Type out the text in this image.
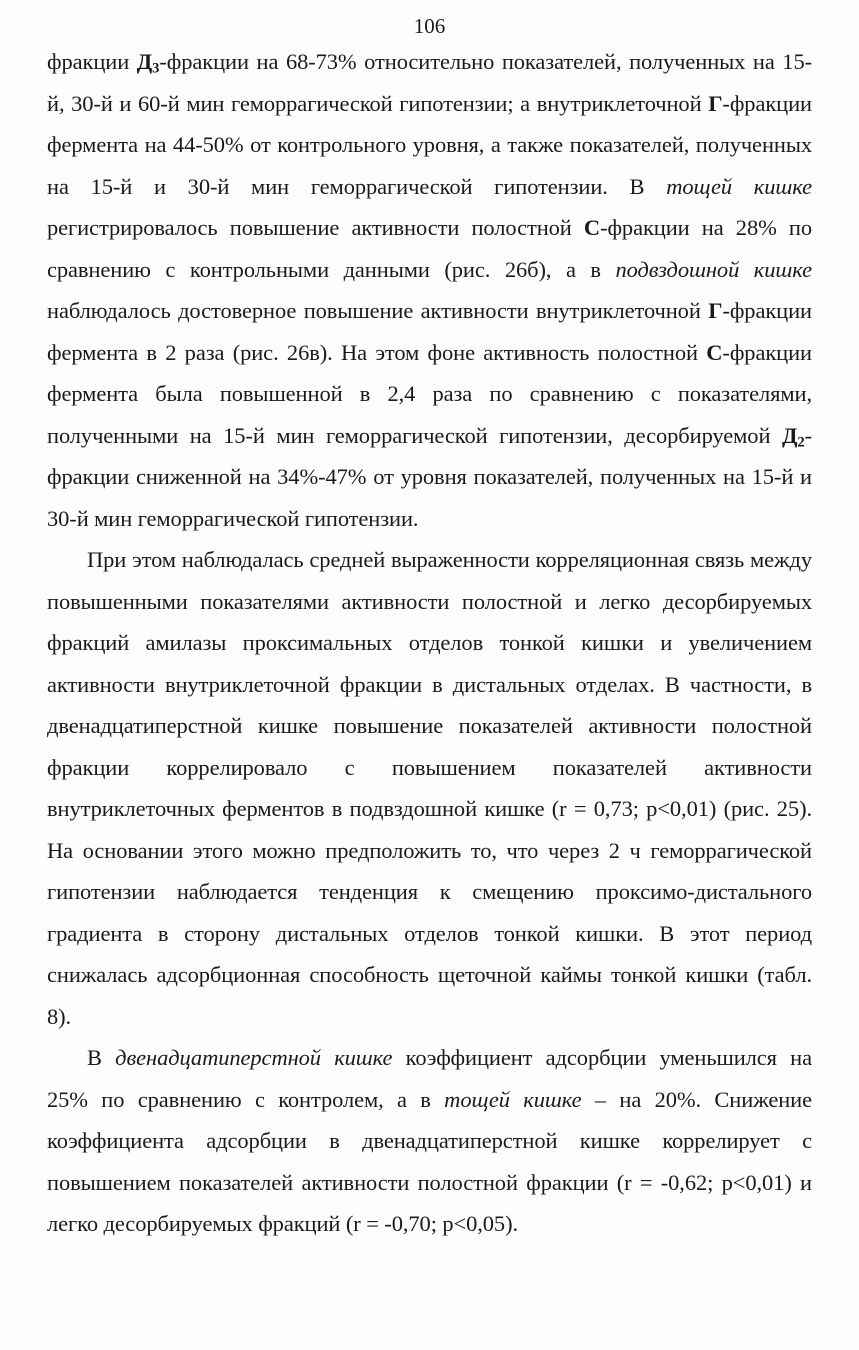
106

фракции $Д_3$-фракции на 68-73% относительно показателей, полученных на 15-й, 30-й и 60-й мин геморрагической гипотензии; а внутриклеточной Г-фракции фермента на 44-50% от контрольного уровня, а также показателей, полученных на 15-й и 30-й мин геморрагической гипотензии. В тощей кишке регистрировалось повышение активности полостной С-фракции на 28% по сравнению с контрольными данными (рис. 26б), а в подвздошной кишке наблюдалось достоверное повышение активности внутриклеточной Г-фракции фермента в 2 раза (рис. 26в). На этом фоне активность полостной С-фракции фермента была повышенной в 2,4 раза по сравнению с показателями, полученными на 15-й мин геморрагической гипотензии, десорбируемой $Д_2$-фракции сниженной на 34%-47% от уровня показателей, полученных на 15-й и 30-й мин геморрагической гипотензии.

При этом наблюдалась средней выраженности корреляционная связь между повышенными показателями активности полостной и легко десорбируемых фракций амилазы проксимальных отделов тонкой кишки и увеличением активности внутриклеточной фракции в дистальных отделах. В частности, в двенадцатиперстной кишке повышение показателей активности полостной фракции коррелировало с повышением показателей активности внутриклеточных ферментов в подвздошной кишке (r = 0,73; p<0,01) (рис. 25). На основании этого можно предположить то, что через 2 ч геморрагической гипотензии наблюдается тенденция к смещению проксимо-дистального градиента в сторону дистальных отделов тонкой кишки. В этот период снижалась адсорбционная способность щеточной каймы тонкой кишки (табл. 8).

В двенадцатиперстной кишке коэффициент адсорбции уменьшился на 25% по сравнению с контролем, а в тощей кишке – на 20%. Снижение коэффициента адсорбции в двенадцатиперстной кишке коррелирует с повышением показателей активности полостной фракции (r = -0,62; p<0,01) и легко десорбируемых фракций (r = -0,70; p<0,05).
